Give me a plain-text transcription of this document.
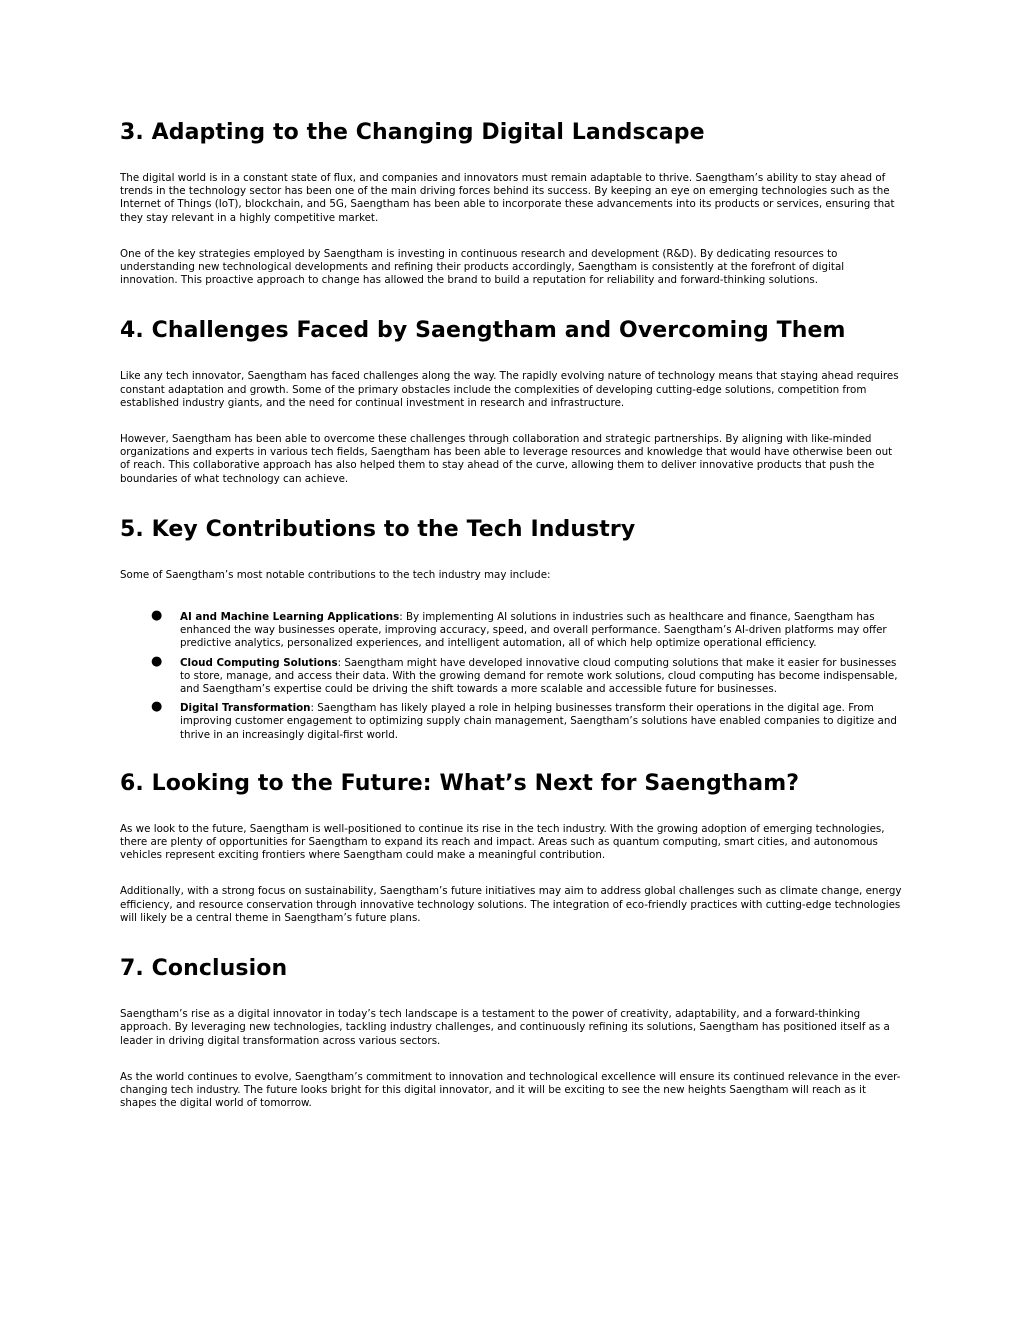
3. Adapting to the Changing Digital Landscape

The digital world is in a constant state of flux, and companies and innovators must remain adaptable to thrive. Saengtham’s ability to stay ahead of trends in the technology sector has been one of the main driving forces behind its success. By keeping an eye on emerging technologies such as the Internet of Things (IoT), blockchain, and 5G, Saengtham has been able to incorporate these advancements into its products or services, ensuring that they stay relevant in a highly competitive market.

One of the key strategies employed by Saengtham is investing in continuous research and development (R&D). By dedicating resources to understanding new technological developments and refining their products accordingly, Saengtham is consistently at the forefront of digital innovation. This proactive approach to change has allowed the brand to build a reputation for reliability and forward-thinking solutions.

4. Challenges Faced by Saengtham and Overcoming Them

Like any tech innovator, Saengtham has faced challenges along the way. The rapidly evolving nature of technology means that staying ahead requires constant adaptation and growth. Some of the primary obstacles include the complexities of developing cutting-edge solutions, competition from established industry giants, and the need for continual investment in research and infrastructure.

However, Saengtham has been able to overcome these challenges through collaboration and strategic partnerships. By aligning with like-minded organizations and experts in various tech fields, Saengtham has been able to leverage resources and knowledge that would have otherwise been out of reach. This collaborative approach has also helped them to stay ahead of the curve, allowing them to deliver innovative products that push the boundaries of what technology can achieve.

5. Key Contributions to the Tech Industry

Some of Saengtham’s most notable contributions to the tech industry may include:

● AI and Machine Learning Applications: By implementing AI solutions in industries such as healthcare and finance, Saengtham has enhanced the way businesses operate, improving accuracy, speed, and overall performance. Saengtham’s AI-driven platforms may offer predictive analytics, personalized experiences, and intelligent automation, all of which help optimize operational efficiency.
● Cloud Computing Solutions: Saengtham might have developed innovative cloud computing solutions that make it easier for businesses to store, manage, and access their data. With the growing demand for remote work solutions, cloud computing has become indispensable, and Saengtham’s expertise could be driving the shift towards a more scalable and accessible future for businesses.
● Digital Transformation: Saengtham has likely played a role in helping businesses transform their operations in the digital age. From improving customer engagement to optimizing supply chain management, Saengtham’s solutions have enabled companies to digitize and thrive in an increasingly digital-first world.
6. Looking to the Future: What’s Next for Saengtham?

As we look to the future, Saengtham is well-positioned to continue its rise in the tech industry. With the growing adoption of emerging technologies, there are plenty of opportunities for Saengtham to expand its reach and impact. Areas such as quantum computing, smart cities, and autonomous vehicles represent exciting frontiers where Saengtham could make a meaningful contribution.

Additionally, with a strong focus on sustainability, Saengtham’s future initiatives may aim to address global challenges such as climate change, energy efficiency, and resource conservation through innovative technology solutions. The integration of eco-friendly practices with cutting-edge technologies will likely be a central theme in Saengtham’s future plans.

7. Conclusion

Saengtham’s rise as a digital innovator in today’s tech landscape is a testament to the power of creativity, adaptability, and a forward-thinking approach. By leveraging new technologies, tackling industry challenges, and continuously refining its solutions, Saengtham has positioned itself as a leader in driving digital transformation across various sectors.

As the world continues to evolve, Saengtham’s commitment to innovation and technological excellence will ensure its continued relevance in the ever-changing tech industry. The future looks bright for this digital innovator, and it will be exciting to see the new heights Saengtham will reach as it shapes the digital world of tomorrow.
